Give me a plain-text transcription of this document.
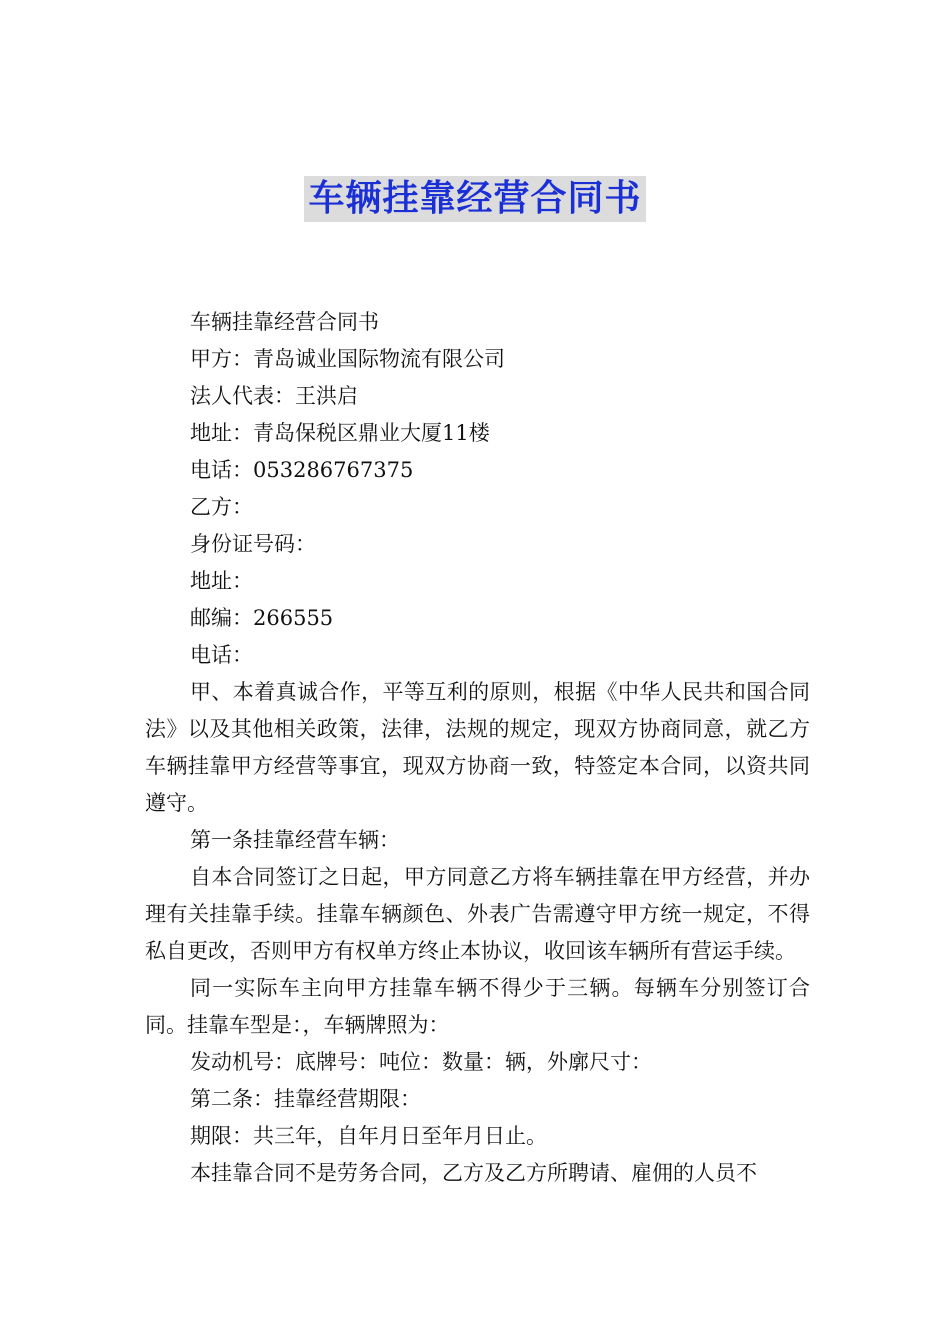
车辆挂靠经营合同书

车辆挂靠经营合同书

甲方：青岛诚业国际物流有限公司

法人代表：王洪启

地址：青岛保税区鼎业大厦11楼

电话：053286767375

乙方：

身份证号码：

地址：

邮编：266555

电话：

甲、本着真诚合作，平等互利的原则，根据《中华人民共和国合同法》以及其他相关政策，法律，法规的规定，现双方协商同意，就乙方车辆挂靠甲方经营等事宜，现双方协商一致，特签定本合同，以资共同遵守。

第一条挂靠经营车辆：

自本合同签订之日起，甲方同意乙方将车辆挂靠在甲方经营，并办理有关挂靠手续。挂靠车辆颜色、外表广告需遵守甲方统一规定，不得私自更改，否则甲方有权单方终止本协议，收回该车辆所有营运手续。

同一实际车主向甲方挂靠车辆不得少于三辆。每辆车分别签订合同。挂靠车型是：，车辆牌照为：

发动机号：底牌号：吨位：数量：辆，外廓尺寸：

第二条：挂靠经营期限：

期限：共三年，自年月日至年月日止。

本挂靠合同不是劳务合同，乙方及乙方所聘请、雇佣的人员不
